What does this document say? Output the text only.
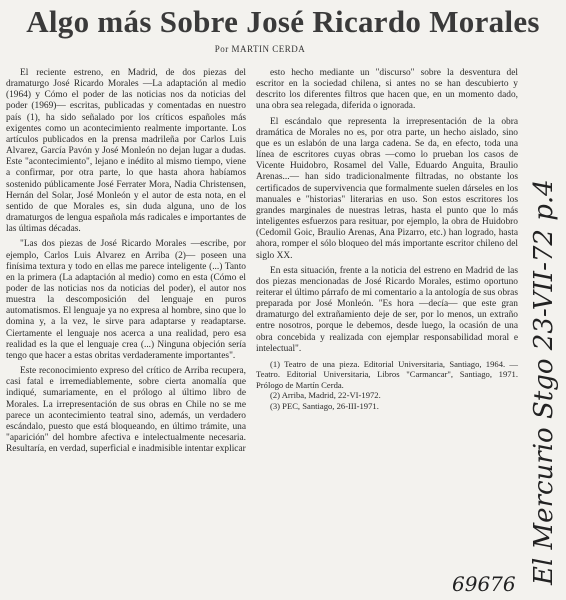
Algo más Sobre José Ricardo Morales
Por MARTIN CERDA

El reciente estreno, en Madrid, de dos piezas del dramaturgo José Ricardo Morales —La adaptación al medio (1964) y Cómo el poder de las noticias nos da noticias del poder (1969)— escritas, publicadas y comentadas en nuestro país (1), ha sido señalado por los críticos españoles más exigentes como un acontecimiento realmente importante. Los artículos publicados en la prensa madrileña por Carlos Luis Alvarez, García Pavón y José Monleón no dejan lugar a dudas. Este "acontecimiento", lejano e inédito al mismo tiempo, viene a confirmar, por otra parte, lo que hasta ahora habíamos sostenido públicamente José Ferrater Mora, Nadia Christensen, Hernán del Solar, José Monleón y el autor de esta nota, en el sentido de que Morales es, sin duda alguna, uno de los dramaturgos de lengua española más radicales e importantes de las últimas décadas.

"Las dos piezas de José Ricardo Morales —escribe, por ejemplo, Carlos Luis Alvarez en Arriba (2)— poseen una finísima textura y todo en ellas me parece inteligente (...) Tanto en la primera (La adaptación al medio) como en esta (Cómo el poder de las noticias nos da noticias del poder), el autor nos muestra la descomposición del lenguaje en puros automatismos. El lenguaje ya no expresa al hombre, sino que lo domina y, a la vez, le sirve para adaptarse y readaptarse. Ciertamente el lenguaje nos acerca a una realidad, pero esa realidad es la que el lenguaje crea (...) Ninguna objeción sería tengo que hacer a estas obritas verdaderamente importantes".

Este reconocimiento expreso del crítico de Arriba recupera, casi fatal e irremediablemente, sobre cierta anomalía que indiqué, sumariamente, en el prólogo al último libro de Morales. La irrepresentación de sus obras en Chile no se me parece un acontecimiento teatral sino, además, un verdadero escándalo, puesto que está bloqueando, en último trámite, una "aparición" del hombre afectiva e intelectualmente necesaria. Resultaría, en verdad, superficial e inadmisible intentar explicar

esto hecho mediante un "discurso" sobre la desventura del escritor en la sociedad chilena, si antes no se han descubierto y descrito los diferentes filtros que hacen que, en un momento dado, una obra sea relegada, diferida o ignorada.

El escándalo que representa la irrepresentación de la obra dramática de Morales no es, por otra parte, un hecho aislado, sino que es un eslabón de una larga cadena. Se da, en efecto, toda una línea de escritores cuyas obras —como lo prueban los casos de Vicente Huidobro, Rosamel del Valle, Eduardo Anguita, Braulio Arenas...— han sido tradicionalmente filtradas, no obstante los certificados de supervivencia que formalmente suelen dárseles en los manuales e "historias" literarias en uso. Son estos escritores los grandes marginales de nuestras letras, hasta el punto que lo más inteligentes esfuerzos para resituar, por ejemplo, la obra de Huidobro (Cedomil Goic, Braulio Arenas, Ana Pizarro, etc.) han logrado, hasta ahora, romper el sólo bloqueo del más importante escritor chileno del siglo XX.

En esta situación, frente a la noticia del estreno en Madrid de las dos piezas mencionadas de José Ricardo Morales, estimo oportuno reiterar el último párrafo de mi comentario a la antología de sus obras preparada por José Monleón. "Es hora —decía— que este gran dramaturgo del extrañamiento deje de ser, por lo menos, un extraño entre nosotros, porque le debemos, desde luego, la ocasión de una obra concebida y realizada con ejemplar responsabilidad moral e intelectual".

(1) Teatro de una pieza. Editorial Universitaria, Santiago, 1964. — Teatro. Editorial Universitaria, Libros "Carmancar", Santiago, 1971. Prólogo de Martín Cerda.

(2) Arriba, Madrid, 22-VI-1972.

(3) PEC, Santiago, 26-III-1971.	El Mercurio Stgo 23-VII-72 p.4
69676
